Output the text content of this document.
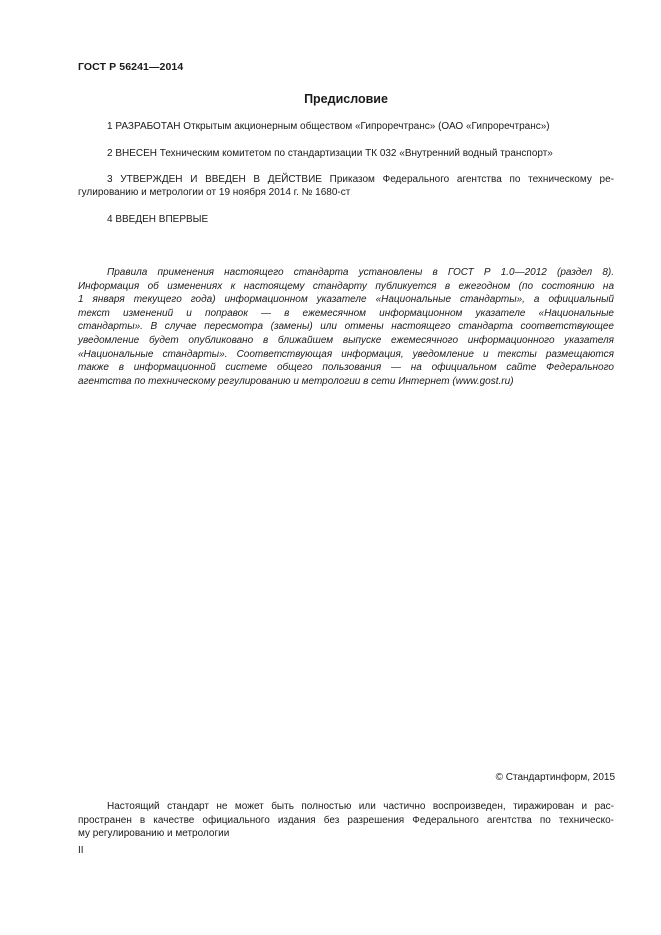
ГОСТ Р 56241—2014
Предисловие
1 РАЗРАБОТАН Открытым акционерным обществом «Гипроречтранс» (ОАО «Гипроречтранс»)
2 ВНЕСЕН Техническим комитетом по стандартизации ТК 032 «Внутренний водный транспорт»
3 УТВЕРЖДЕН И ВВЕДЕН В ДЕЙСТВИЕ Приказом Федерального агентства по техническому ре-
гулированию и метрологии от 19 ноября 2014 г. № 1680-ст
4 ВВЕДЕН ВПЕРВЫЕ
Правила применения настоящего стандарта установлены в ГОСТ Р 1.0—2012 (раздел 8).
Информация об изменениях к настоящему стандарту публикуется в ежегодном (по состоянию на
1 января текущего года) информационном указателе «Национальные стандарты», а официальный
текст изменений и поправок — в ежемесячном информационном указателе «Национальные
стандарты». В случае пересмотра (замены) или отмены настоящего стандарта соответствующее
уведомление будет опубликовано в ближайшем выпуске ежемесячного информационного указателя
«Национальные стандарты». Соответствующая информация, уведомление и тексты размещаются
также в информационной системе общего пользования — на официальном сайте Федерального
агентства по техническому регулированию и метрологии в сети Интернет (www.gost.ru)
© Стандартинформ, 2015
Настоящий стандарт не может быть полностью или частично воспроизведен, тиражирован и рас-
пространен в качестве официального издания без разрешения Федерального агентства по техническо-
му регулированию и метрологии
II
